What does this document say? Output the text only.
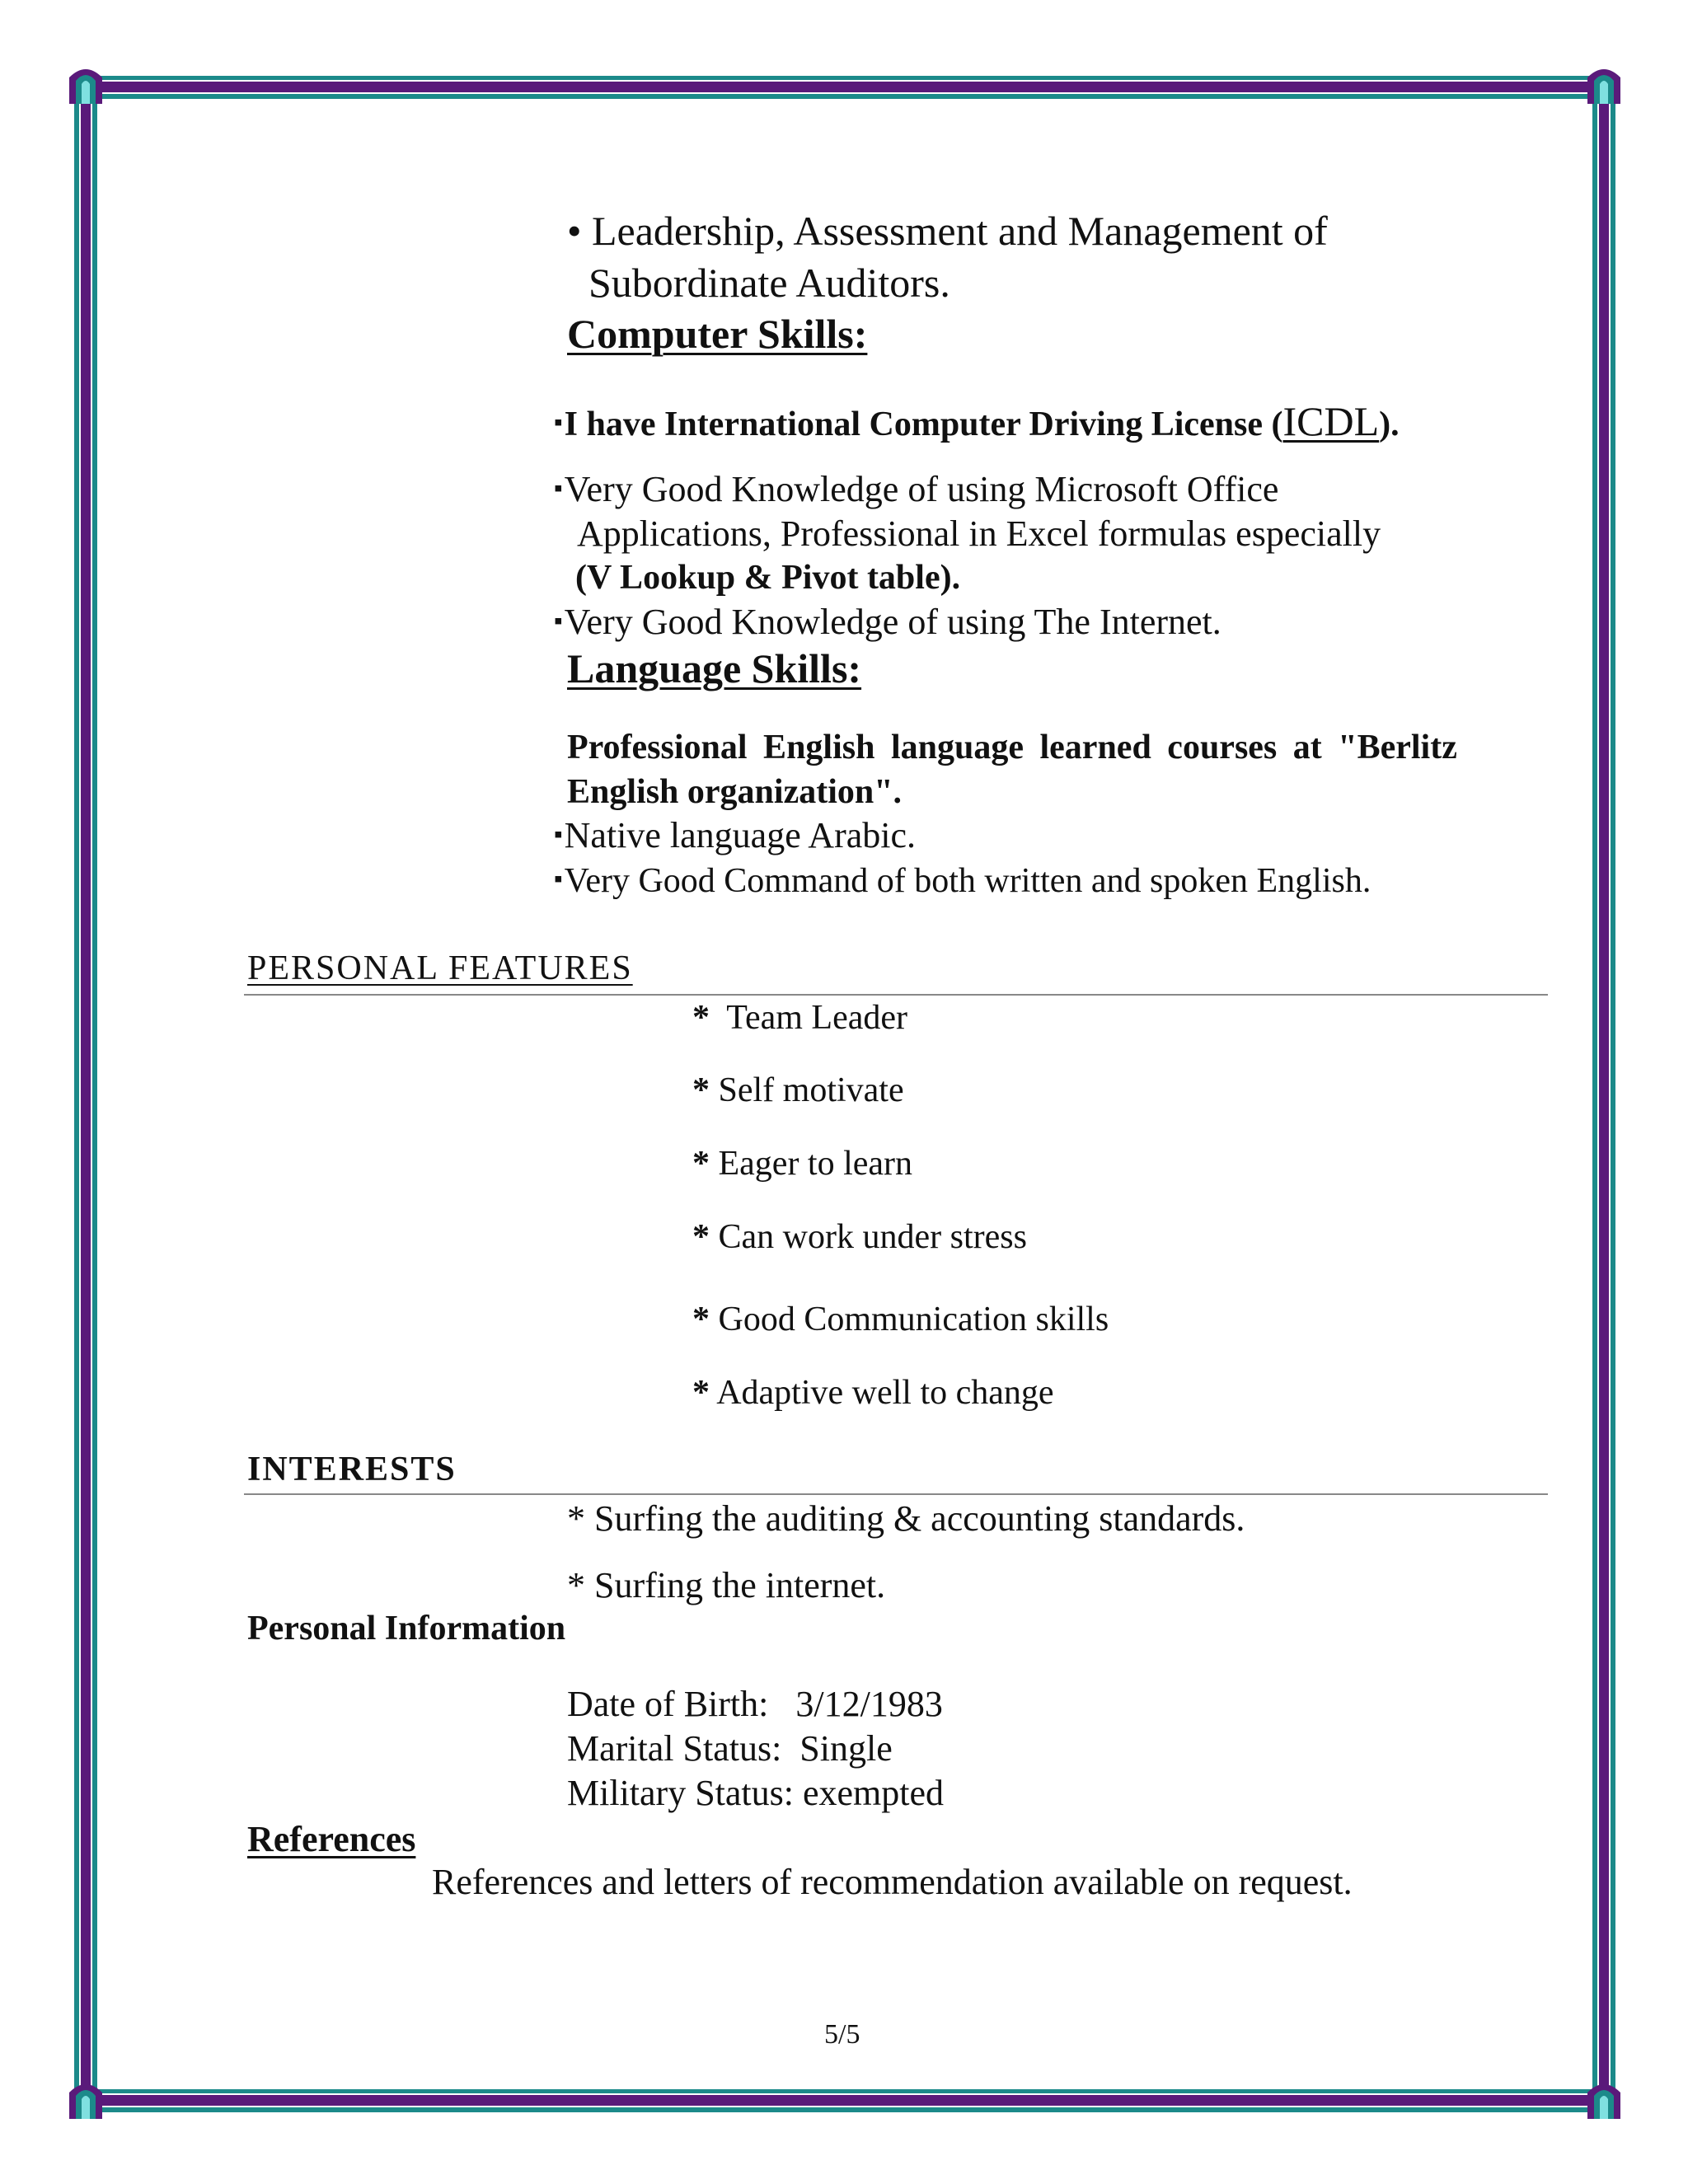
• Leadership, Assessment and Management of
Subordinate Auditors.
Computer Skills:
▪I have International Computer Driving License (ICDL).
▪Very Good Knowledge of using Microsoft Office
Applications, Professional in Excel formulas especially
(V Lookup & Pivot table).
▪Very Good Knowledge of using The Internet.
Language Skills:
Professional English language learned courses at "Berlitz
English organization".
▪Native language Arabic.
▪Very Good Command of both written and spoken English.
PERSONAL FEATURES
* Team Leader
* Self motivate
* Eager to learn
* Can work under stress
* Good Communication skills
* Adaptive well to change
INTERESTS
* Surfing the auditing & accounting standards.
* Surfing the internet.
Personal Information
Date of Birth:   3/12/1983
Marital Status:  Single
Military Status: exempted
References
References and letters of recommendation available on request.
5/5
